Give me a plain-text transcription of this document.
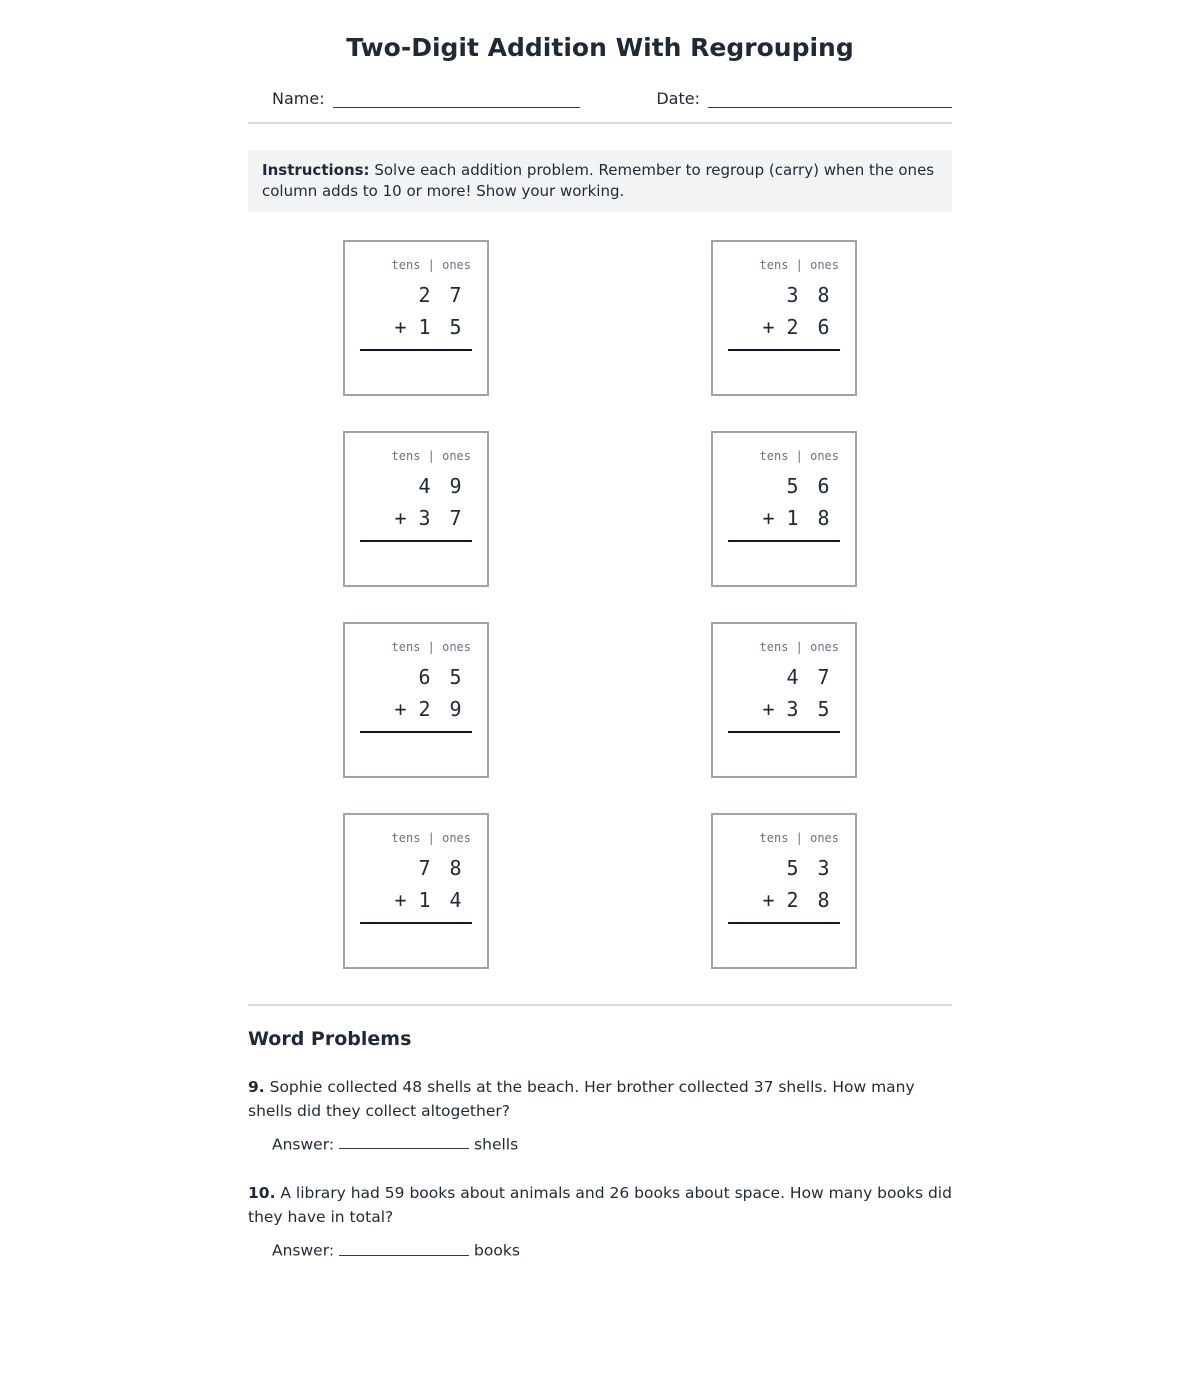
Two-Digit Addition With Regrouping
Name:	Date:
Instructions: Solve each addition problem. Remember to regroup (carry) when the ones column adds to 10 or more! Show your working.
tens | ones
2 7
+ 1 5
tens | ones
3 8
+ 2 6
tens | ones
4 9
+ 3 7
tens | ones
5 6
+ 1 8
tens | ones
6 5
+ 2 9
tens | ones
4 7
+ 3 5
tens | ones
7 8
+ 1 4
tens | ones
5 3
+ 2 8
Word Problems

9. Sophie collected 48 shells at the beach. Her brother collected 37 shells. How many shells did they collect altogether?

Answer:	shells

10. A library had 59 books about animals and 26 books about space. How many books did they have in total?

Answer:	books
